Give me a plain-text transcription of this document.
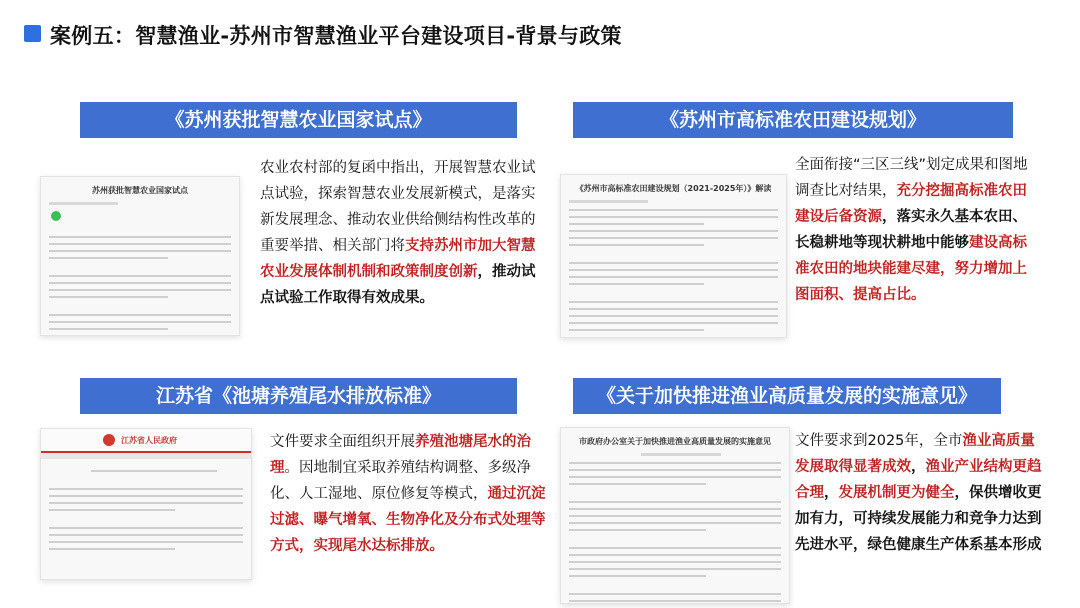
案例五：智慧渔业-苏州市智慧渔业平台建设项目-背景与政策
《苏州获批智慧农业国家试点》
苏州获批智慧农业国家试点

农业农村部的复函中指出，开展智慧农业试点试验，探索智慧农业发展新模式，是落实新发展理念、推动农业供给侧结构性改革的重要举措、相关部门将支持苏州市加大智慧农业发展体制机制和政策制度创新，推动试点试验工作取得有效成果。

《苏州市高标准农田建设规划》
《苏州市高标准农田建设规划（2021-2025年）》解读

全面衔接“三区三线”划定成果和图地调查比对结果，充分挖掘高标准农田建设后备资源，落实永久基本农田、长稳耕地等现状耕地中能够建设高标准农田的地块能建尽建，努力增加上图面积、提高占比。

江苏省《池塘养殖尾水排放标准》
江苏省人民政府	文件要求全面组织开展养殖池塘尾水的治理。因地制宜采取养殖结构调整、多级净化、人工湿地、原位修复等模式，通过沉淀过滤、曝气增氧、生物净化及分布式处理等方式，实现尾水达标排放。

《关于加快推进渔业高质量发展的实施意见》
市政府办公室关于加快推进渔业高质量发展的实施意见	文件要求到2025年，全市渔业高质量发展取得显著成效，渔业产业结构更趋合理，发展机制更为健全，保供增收更加有力，可持续发展能力和竞争力达到先进水平，绿色健康生产体系基本形成
